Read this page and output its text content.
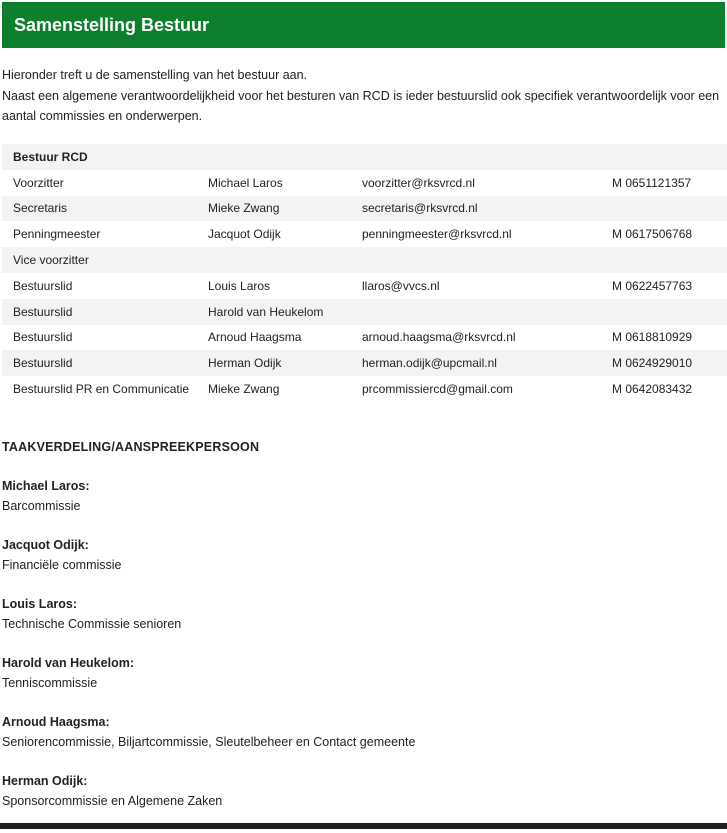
Samenstelling Bestuur

Hieronder treft u de samenstelling van het bestuur aan.

Naast een algemene verantwoordelijkheid voor het besturen van RCD is ieder bestuurslid ook specifiek verantwoordelijk voor een aantal commissies en onderwerpen.

Bestuur RCD			
Voorzitter	Michael Laros	voorzitter@rksvrcd.nl	M 0651121357
Secretaris	Mieke Zwang	secretaris@rksvrcd.nl	
Penningmeester	Jacquot Odijk	penningmeester@rksvrcd.nl	M 0617506768
Vice voorzitter			
Bestuurslid	Louis Laros	llaros@vvcs.nl	M 0622457763
Bestuurslid	Harold van Heukelom		
Bestuurslid	Arnoud Haagsma	arnoud.haagsma@rksvrcd.nl	M 0618810929
Bestuurslid	Herman Odijk	herman.odijk@upcmail.nl	M 0624929010
Bestuurslid PR en Communicatie	Mieke Zwang	prcommissiercd@gmail.com	M 0642083432
TAAKVERDELING/AANSPREEKPERSOON

Michael Laros:

Barcommissie

Jacquot Odijk:

Financiële commissie

Louis Laros:

Technische Commissie senioren

Harold van Heukelom:

Tenniscommissie

Arnoud Haagsma:

Seniorencommissie, Biljartcommissie, Sleutelbeheer en Contact gemeente

Herman Odijk:

Sponsorcommissie en Algemene Zaken
